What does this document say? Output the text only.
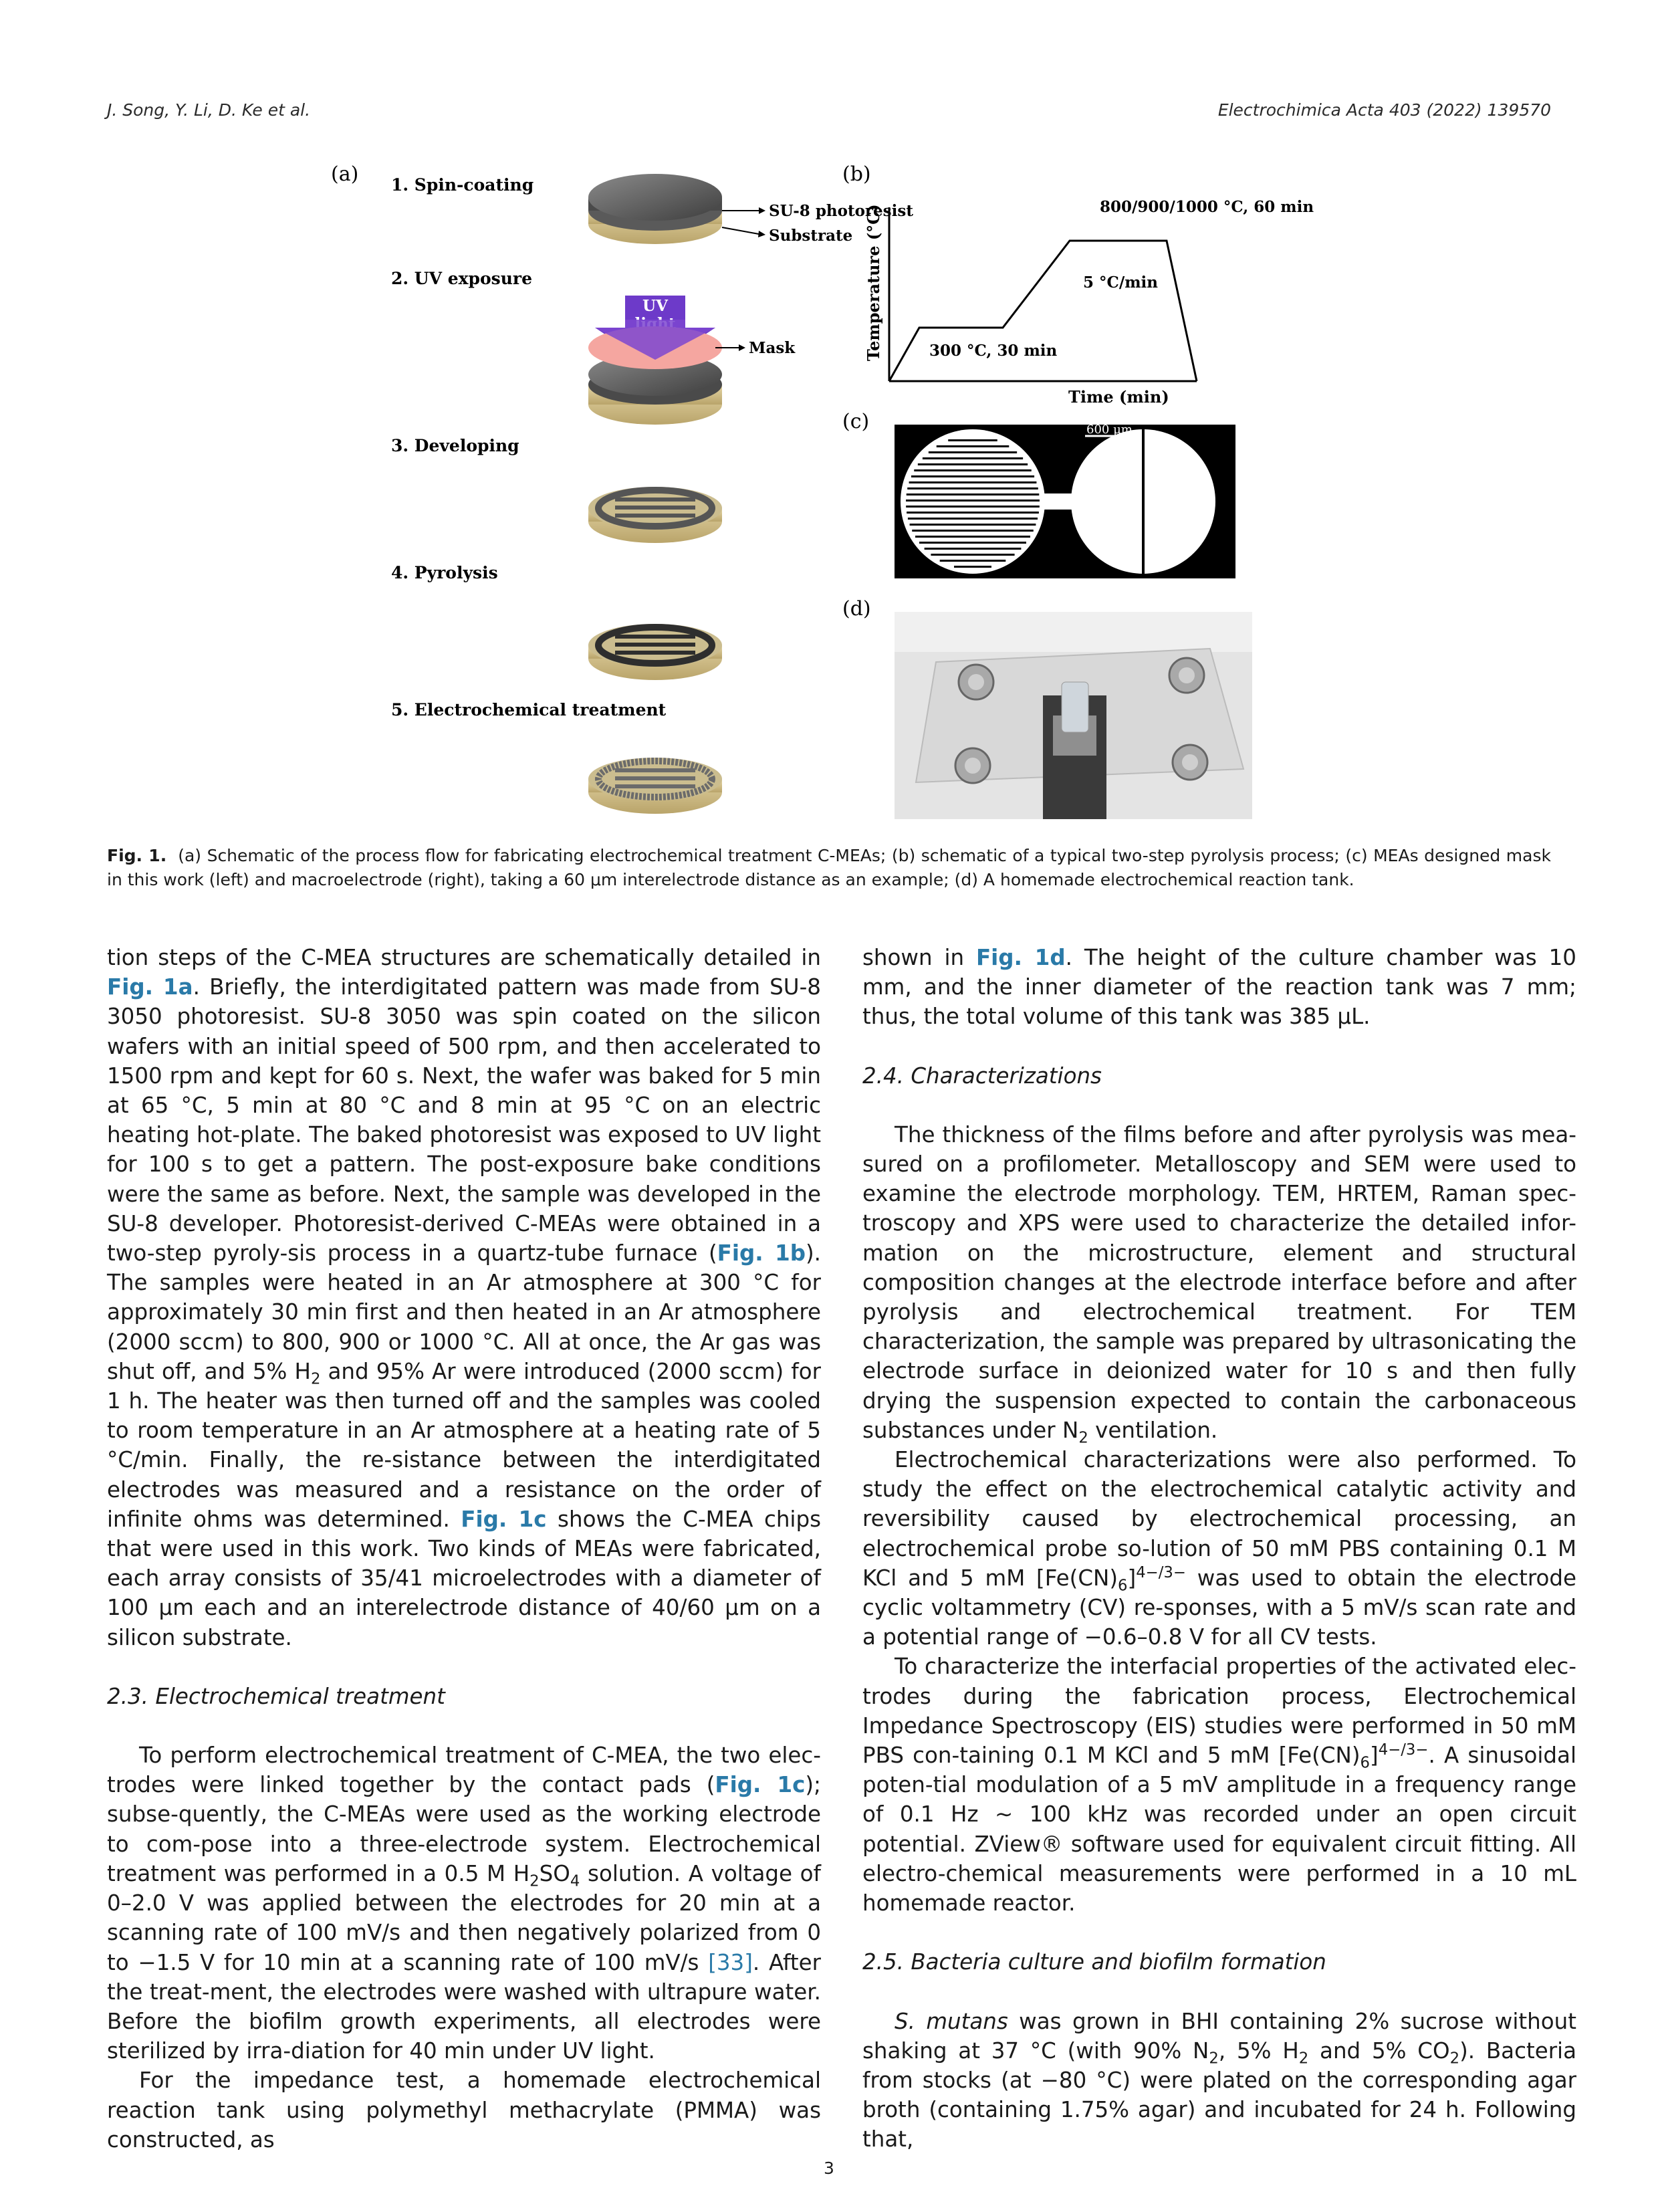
J. Song, Y. Li, D. Ke et al.	Electrochimica Acta 403 (2022) 139570
(a) 1. Spin-coating
2. UV exposure
3. Developing
4. Pyrolysis
5. Electrochemical treatment
SU-8 photoresist
Substrate
UV
Mask
(b)
Temperature (°C)
Time (min)
800/900/1000 °C, 60 min
5 °C/min
300 °C, 30 min
(c)	600 μm
(d)
Fig. 1. (a) Schematic of the process flow for fabricating electrochemical treatment C-MEAs; (b) schematic of a typical two-step pyrolysis process; (c) MEAs designed mask in this work (left) and macroelectrode (right), taking a 60 μm interelectrode distance as an example; (d) A homemade electrochemical reaction tank.

tion steps of the C-MEA structures are schematically detailed in Fig. 1a. Briefly, the interdigitated pattern was made from SU-8 3050 photoresist. SU-8 3050 was spin coated on the silicon wafers with an initial speed of 500 rpm, and then accelerated to 1500 rpm and kept for 60 s. Next, the wafer was baked for 5 min at 65 °C, 5 min at 80 °C and 8 min at 95 °C on an electric heating hot-plate. The baked photoresist was exposed to UV light for 100 s to get a pattern. The post-exposure bake conditions were the same as before. Next, the sample was developed in the SU-8 developer. Photoresist-derived C-MEAs were obtained in a two-step pyroly-sis process in a quartz-tube furnace (Fig. 1b). The samples were heated in an Ar atmosphere at 300 °C for approximately 30 min first and then heated in an Ar atmosphere (2000 sccm) to 800, 900 or 1000 °C. All at once, the Ar gas was shut off, and 5% $H_2$ and 95% Ar were introduced (2000 sccm) for 1 h. The heater was then turned off and the samples was cooled to room temperature in an Ar atmosphere at a heating rate of 5 °C/min. Finally, the re-sistance between the interdigitated electrodes was measured and a resistance on the order of infinite ohms was determined. Fig. 1c shows the C-MEA chips that were used in this work. Two kinds of MEAs were fabricated, each array consists of 35/41 microelectrodes with a diameter of 100 μm each and an interelectrode distance of 40/60 μm on a silicon substrate.

2.3. Electrochemical treatment

To perform electrochemical treatment of C-MEA, the two elec-trodes were linked together by the contact pads (Fig. 1c); subse-quently, the C-MEAs were used as the working electrode to com-pose into a three-electrode system. Electrochemical treatment was performed in a 0.5 M $H_2SO_4$ solution. A voltage of 0–2.0 V was applied between the electrodes for 20 min at a scanning rate of 100 mV/s and then negatively polarized from 0 to −1.5 V for 10 min at a scanning rate of 100 mV/s [33]. After the treat-ment, the electrodes were washed with ultrapure water. Before the biofilm growth experiments, all electrodes were sterilized by irra-diation for 40 min under UV light.

For the impedance test, a homemade electrochemical reaction tank using polymethyl methacrylate (PMMA) was constructed, as

shown in Fig. 1d. The height of the culture chamber was 10 mm, and the inner diameter of the reaction tank was 7 mm; thus, the total volume of this tank was 385 μL.

2.4. Characterizations

The thickness of the films before and after pyrolysis was mea-sured on a profilometer. Metalloscopy and SEM were used to examine the electrode morphology. TEM, HRTEM, Raman spec-troscopy and XPS were used to characterize the detailed infor-mation on the microstructure, element and structural composition changes at the electrode interface before and after pyrolysis and electrochemical treatment. For TEM characterization, the sample was prepared by ultrasonicating the electrode surface in deionized water for 10 s and then fully drying the suspension expected to contain the carbonaceous substances under $N_2$ ventilation.

Electrochemical characterizations were also performed. To study the effect on the electrochemical catalytic activity and reversibility caused by electrochemical processing, an electrochemical probe so-lution of 50 mM PBS containing 0.1 M KCl and 5 mM $[Fe(CN)_6]^{4-/3-}$ was used to obtain the electrode cyclic voltammetry (CV) re-sponses, with a 5 mV/s scan rate and a potential range of −0.6–0.8 V for all CV tests.

To characterize the interfacial properties of the activated elec-trodes during the fabrication process, Electrochemical Impedance Spectroscopy (EIS) studies were performed in 50 mM PBS con-taining 0.1 M KCl and 5 mM $[Fe(CN)_6]^{4-/3-}$. A sinusoidal poten-tial modulation of a 5 mV amplitude in a frequency range of 0.1 Hz ∼ 100 kHz was recorded under an open circuit potential. ZView® software used for equivalent circuit fitting. All electro-chemical measurements were performed in a 10 mL homemade reactor.

2.5. Bacteria culture and biofilm formation

S. mutans was grown in BHI containing 2% sucrose without shaking at 37 °C (with 90% $N_2$, 5% $H_2$ and 5% $CO_2$). Bacteria from stocks (at −80 °C) were plated on the corresponding agar broth (containing 1.75% agar) and incubated for 24 h. Following that,

3
